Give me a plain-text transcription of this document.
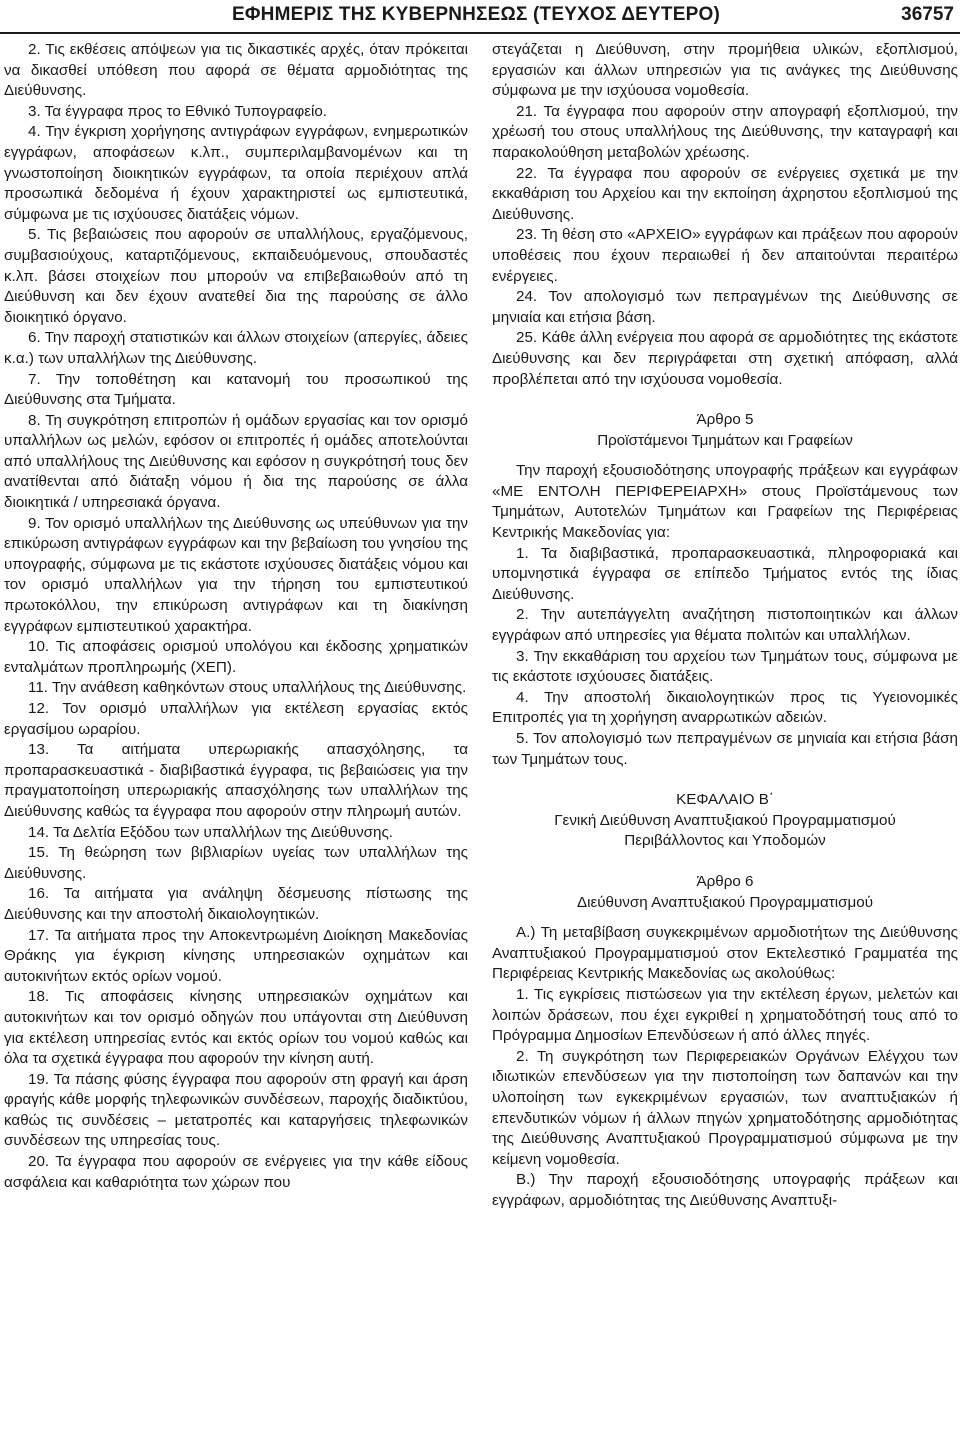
ΕΦΗΜΕΡΙΣ ΤΗΣ ΚΥΒΕΡΝΗΣΕΩΣ (ΤΕΥΧΟΣ ΔΕΥΤΕΡΟ)	36757

2. Τις εκθέσεις απόψεων για τις δικαστικές αρχές, όταν πρόκειται να δικασθεί υπόθεση που αφορά σε θέματα αρμοδιότητας της Διεύθυνσης.

3. Τα έγγραφα προς το Εθνικό Τυπογραφείο.

4. Την έγκριση χορήγησης αντιγράφων εγγράφων, ενημερωτικών εγγράφων, αποφάσεων κ.λπ., συμπεριλαμβανομένων και τη γνωστοποίηση διοικητικών εγγράφων, τα οποία περιέχουν απλά προσωπικά δεδομένα ή έχουν χαρακτηριστεί ως εμπιστευτικά, σύμφωνα με τις ισχύουσες διατάξεις νόμων.

5. Τις βεβαιώσεις που αφορούν σε υπαλλήλους, εργαζόμενους, συμβασιούχους, καταρτιζόμενους, εκπαιδευόμενους, σπουδαστές κ.λπ. βάσει στοιχείων που μπορούν να επιβεβαιωθούν από τη Διεύθυνση και δεν έχουν ανατεθεί δια της παρούσης σε άλλο διοικητικό όργανο.

6. Την παροχή στατιστικών και άλλων στοιχείων (απεργίες, άδειες κ.α.) των υπαλλήλων της Διεύθυνσης.

7. Την τοποθέτηση και κατανομή του προσωπικού της Διεύθυνσης στα Τμήματα.

8. Τη συγκρότηση επιτροπών ή ομάδων εργασίας και τον ορισμό υπαλλήλων ως μελών, εφόσον οι επιτροπές ή ομάδες αποτελούνται από υπαλλήλους της Διεύθυνσης και εφόσον η συγκρότησή τους δεν ανατίθενται από διάταξη νόμου ή δια της παρούσης σε άλλα διοικητικά / υπηρεσιακά όργανα.

9. Τον ορισμό υπαλλήλων της Διεύθυνσης ως υπεύθυνων για την επικύρωση αντιγράφων εγγράφων και την βεβαίωση του γνησίου της υπογραφής, σύμφωνα με τις εκάστοτε ισχύουσες διατάξεις νόμου και τον ορισμό υπαλλήλων για την τήρηση του εμπιστευτικού πρωτοκόλλου, την επικύρωση αντιγράφων και τη διακίνηση εγγράφων εμπιστευτικού χαρακτήρα.

10. Τις αποφάσεις ορισμού υπολόγου και έκδοσης χρηματικών ενταλμάτων προπληρωμής (ΧΕΠ).

11. Την ανάθεση καθηκόντων στους υπαλλήλους της Διεύθυνσης.

12. Τον ορισμό υπαλλήλων για εκτέλεση εργασίας εκτός εργασίμου ωραρίου.

13. Τα αιτήματα υπερωριακής απασχόλησης, τα προπαρασκευαστικά - διαβιβαστικά έγγραφα, τις βεβαιώσεις για την πραγματοποίηση υπερωριακής απασχόλησης των υπαλλήλων της Διεύθυνσης καθώς τα έγγραφα που αφορούν στην πληρωμή αυτών.

14. Τα Δελτία Εξόδου των υπαλλήλων της Διεύθυνσης.

15. Τη θεώρηση των βιβλιαρίων υγείας των υπαλλήλων της Διεύθυνσης.

16. Τα αιτήματα για ανάληψη δέσμευσης πίστωσης της Διεύθυνσης και την αποστολή δικαιολογητικών.

17. Τα αιτήματα προς την Αποκεντρωμένη Διοίκηση Μακεδονίας Θράκης για έγκριση κίνησης υπηρεσιακών οχημάτων και αυτοκινήτων εκτός ορίων νομού.

18. Τις αποφάσεις κίνησης υπηρεσιακών οχημάτων και αυτοκινήτων και τον ορισμό οδηγών που υπάγονται στη Διεύθυνση για εκτέλεση υπηρεσίας εντός και εκτός ορίων του νομού καθώς και όλα τα σχετικά έγγραφα που αφορούν την κίνηση αυτή.

19. Τα πάσης φύσης έγγραφα που αφορούν στη φραγή και άρση φραγής κάθε μορφής τηλεφωνικών συνδέσεων, παροχής διαδικτύου, καθώς τις συνδέσεις – μετατροπές και καταργήσεις τηλεφωνικών συνδέσεων της υπηρεσίας τους.

20. Τα έγγραφα που αφορούν σε ενέργειες για την κάθε είδους ασφάλεια και καθαριότητα των χώρων που

στεγάζεται η Διεύθυνση, στην προμήθεια υλικών, εξοπλισμού, εργασιών και άλλων υπηρεσιών για τις ανάγκες της Διεύθυνσης σύμφωνα με την ισχύουσα νομοθεσία.

21. Τα έγγραφα που αφορούν στην απογραφή εξοπλισμού, την χρέωσή του στους υπαλλήλους της Διεύθυνσης, την καταγραφή και παρακολούθηση μεταβολών χρέωσης.

22. Τα έγγραφα που αφορούν σε ενέργειες σχετικά με την εκκαθάριση του Αρχείου και την εκποίηση άχρηστου εξοπλισμού της Διεύθυνσης.

23. Τη θέση στο «ΑΡΧΕΙΟ» εγγράφων και πράξεων που αφορούν υποθέσεις που έχουν περαιωθεί ή δεν απαιτούνται περαιτέρω ενέργειες.

24. Τον απολογισμό των πεπραγμένων της Διεύθυνσης σε μηνιαία και ετήσια βάση.

25. Κάθε άλλη ενέργεια που αφορά σε αρμοδιότητες της εκάστοτε Διεύθυνσης και δεν περιγράφεται στη σχετική απόφαση, αλλά προβλέπεται από την ισχύουσα νομοθεσία.

Άρθρο 5

Προϊστάμενοι Τμημάτων και Γραφείων

Την παροχή εξουσιοδότησης υπογραφής πράξεων και εγγράφων «ΜΕ ΕΝΤΟΛΗ ΠΕΡΙΦΕΡΕΙΑΡΧΗ» στους Προϊστάμενους των Τμημάτων, Αυτοτελών Τμημάτων και Γραφείων της Περιφέρειας Κεντρικής Μακεδονίας για:

1. Τα διαβιβαστικά, προπαρασκευαστικά, πληροφοριακά και υπομνηστικά έγγραφα σε επίπεδο Τμήματος εντός της ίδιας Διεύθυνσης.

2. Την αυτεπάγγελτη αναζήτηση πιστοποιητικών και άλλων εγγράφων από υπηρεσίες για θέματα πολιτών και υπαλλήλων.

3. Την εκκαθάριση του αρχείου των Τμημάτων τους, σύμφωνα με τις εκάστοτε ισχύουσες διατάξεις.

4. Την αποστολή δικαιολογητικών προς τις Υγειονομικές Επιτροπές για τη χορήγηση αναρρωτικών αδειών.

5. Τον απολογισμό των πεπραγμένων σε μηνιαία και ετήσια βάση των Τμημάτων τους.

ΚΕΦΑΛΑΙΟ Β΄

Γενική Διεύθυνση Αναπτυξιακού Προγραμματισμού

Περιβάλλοντος και Υποδομών

Άρθρο 6

Διεύθυνση Αναπτυξιακού Προγραμματισμού

Α.) Τη μεταβίβαση συγκεκριμένων αρμοδιοτήτων της Διεύθυνσης Αναπτυξιακού Προγραμματισμού στον Εκτελεστικό Γραμματέα της Περιφέρειας Κεντρικής Μακεδονίας ως ακολούθως:

1. Τις εγκρίσεις πιστώσεων για την εκτέλεση έργων, μελετών και λοιπών δράσεων, που έχει εγκριθεί η χρηματοδότησή τους από το Πρόγραμμα Δημοσίων Επενδύσεων ή από άλλες πηγές.

2. Τη συγκρότηση των Περιφερειακών Οργάνων Ελέγχου των ιδιωτικών επενδύσεων για την πιστοποίηση των δαπανών και την υλοποίηση των εγκεκριμένων εργασιών, των αναπτυξιακών ή επενδυτικών νόμων ή άλλων πηγών χρηματοδότησης αρμοδιότητας της Διεύθυνσης Αναπτυξιακού Προγραμματισμού σύμφωνα με την κείμενη νομοθεσία.

Β.) Την παροχή εξουσιοδότησης υπογραφής πράξεων και εγγράφων, αρμοδιότητας της Διεύθυνσης Αναπτυξι-
